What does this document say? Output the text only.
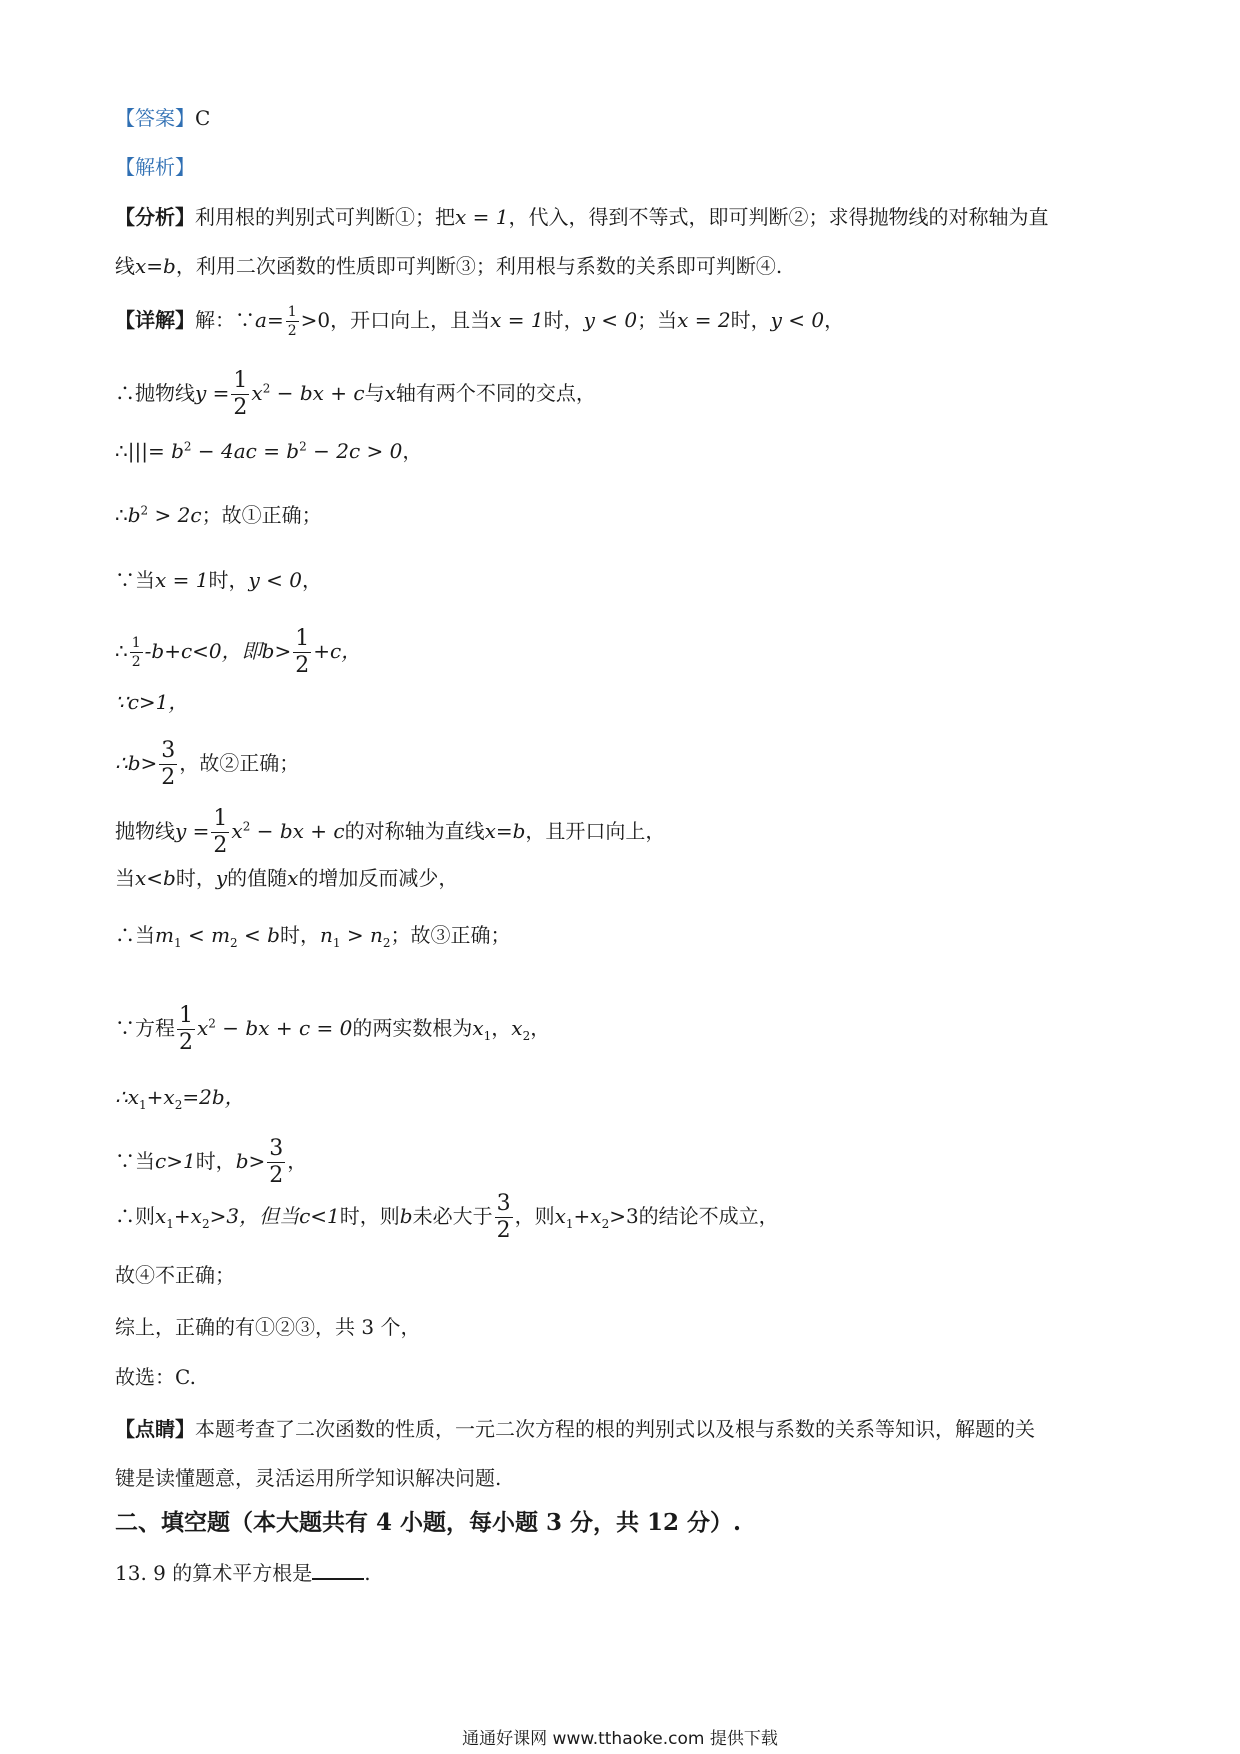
【答案】C
【解析】
【分析】利用根的判别式可判断①；把x = 1，代入，得到不等式，即可判断②；求得抛物线的对称轴为直
线x=b，利用二次函数的性质即可判断③；利用根与系数的关系即可判断④.
【详解】解：∵a= $\frac{1}{2} >0$，开口向上，且当x = 1时，y < 0；当x = 2时，y < 0，
∴抛物线$y = \frac{1}{2} x^2$ − bx + c与x轴有两个不同的交点，
∴|||= $b^2 - 4ac = b^2 - 2c > 0$，
$\therefore b^2 > 2c$；故①正确；
∵当x = 1时，y < 0，
∴ $\frac{1}{2} -b+c<0$，即$b> \frac{1}{2} +c$，
∵c>1，
∴b> $\frac{3}{2}$ ，故②正确；
抛物线$y = \frac{1}{2} x^2$ − bx + c的对称轴为直线x=b，且开口向上，
当x<b时，y的值随x的增加反而减少，
∴当$m_1 < m_2 < b$时，$n_1 > n_2$；故③正确；
∵方程 $\frac{1}{2} x^2$ − bx + c = 0的两实数根为$x_1$，$x_2$，
$\therefore x_1+x_2=2b$，
∵当c>1时，$b> \frac{3}{2}$ ，
∴则$x_1+x_2>3$，但当c<1时，则b未必大于 $\frac{3}{2}$ ，则$x_1+x_2>3$的结论不成立，
故④不正确；
综上，正确的有①②③，共 3 个，
故选：C.
【点睛】本题考查了二次函数的性质，一元二次方程的根的判别式以及根与系数的关系等知识，解题的关
键是读懂题意，灵活运用所学知识解决问题.
二、填空题（本大题共有 4 小题，每小题 3 分，共 12 分）.
13. 9 的算术平方根是	.
通通好课网 www.tthaoke.com 提供下载
